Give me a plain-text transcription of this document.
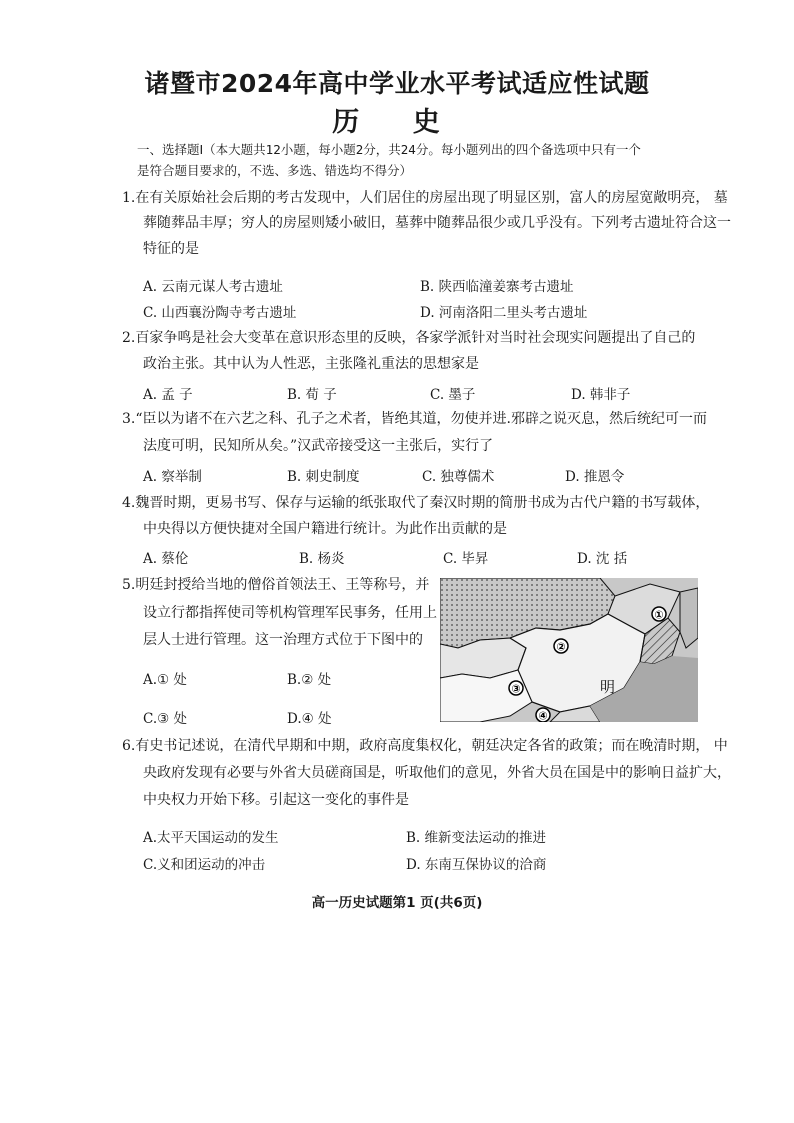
诸暨市2024年高中学业水平考试适应性试题
历 史
一、选择题Ⅰ（本大题共12小题，每小题2分，共24分。每小题列出的四个备选项中只有一个
是符合题目要求的，不选、多选、错选均不得分）
1.在有关原始社会后期的考古发现中，人们居住的房屋出现了明显区别，富人的房屋宽敞明亮， 墓
葬随葬品丰厚；穷人的房屋则矮小破旧，墓葬中随葬品很少或几乎没有。下列考古遗址符合这一
特征的是
A. 云南元谋人考古遗址	B. 陕西临潼姜寨考古遗址
C. 山西襄汾陶寺考古遗址	D. 河南洛阳二里头考古遗址
2.百家争鸣是社会大变革在意识形态里的反映，各家学派针对当时社会现实问题提出了自己的
政治主张。其中认为人性恶，主张隆礼重法的思想家是
A. 孟 子	B. 荀 子	C. 墨子	D. 韩非子
3.“臣以为诸不在六艺之科、孔子之术者，皆绝其道，勿使并进.邪辟之说灭息，然后统纪可一而
法度可明，民知所从矣。”汉武帝接受这一主张后，实行了
A. 察举制	B. 刺史制度	C. 独尊儒术	D. 推恩令
4.魏晋时期，更易书写、保存与运输的纸张取代了秦汉时期的简册书成为古代户籍的书写载体，
中央得以方便快捷对全国户籍进行统计。为此作出贡献的是
A. 蔡伦	B. 杨炎	C. 毕昇	D. 沈 括
5.明廷封授给当地的僧俗首领法王、王等称号，并
设立行都指挥使司等机构管理军民事务，任用上
层人士进行管理。这一治理方式位于下图中的
A.① 处	B.② 处
C.③ 处	D.④ 处
①
②
③
④
明
6.有史书记述说，在清代早期和中期，政府高度集权化，朝廷决定各省的政策；而在晚清时期， 中
央政府发现有必要与外省大员磋商国是，听取他们的意见，外省大员在国是中的影响日益扩大，
中央权力开始下移。引起这一变化的事件是
A.太平天国运动的发生	B. 维新变法运动的推进
C.义和团运动的冲击	D. 东南互保协议的洽商
高一历史试题第1 页(共6页)
